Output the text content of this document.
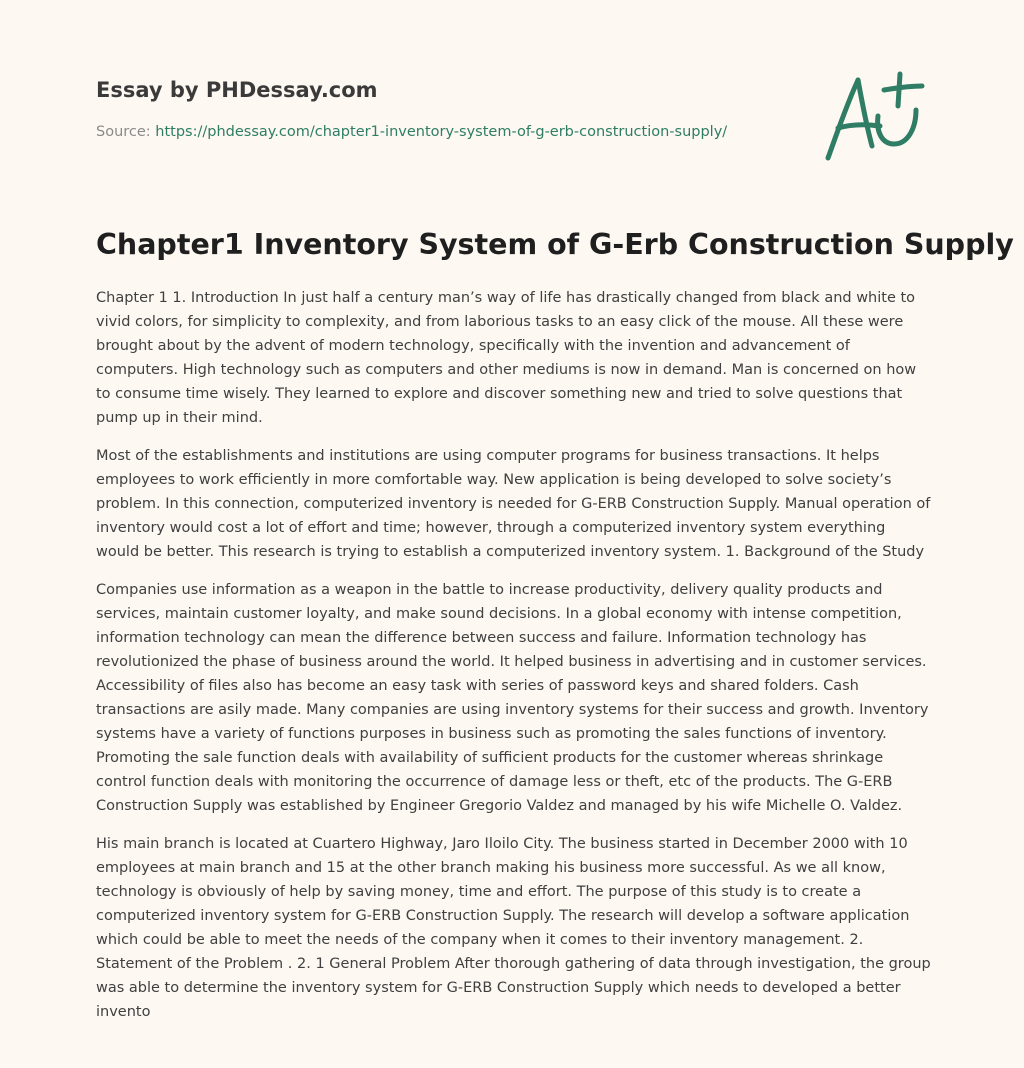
Essay by PHDessay.com
Source: https://phdessay.com/chapter1-inventory-system-of-g-erb-construction-supply/
Chapter1 Inventory System of G-Erb Construction Supply

Chapter 1 1. Introduction In just half a century man’s way of life has drastically changed from black and white to vivid colors, for simplicity to complexity, and from laborious tasks to an easy click of the mouse. All these were brought about by the advent of modern technology, specifically with the invention and advancement of computers. High technology such as computers and other mediums is now in demand. Man is concerned on how to consume time wisely. They learned to explore and discover something new and tried to solve questions that pump up in their mind.

Most of the establishments and institutions are using computer programs for business transactions. It helps employees to work efficiently in more comfortable way. New application is being developed to solve society’s problem. In this connection, computerized inventory is needed for G-ERB Construction Supply. Manual operation of inventory would cost a lot of effort and time; however, through a computerized inventory system everything would be better. This research is trying to establish a computerized inventory system. 1. Background of the Study

Companies use information as a weapon in the battle to increase productivity, delivery quality products and services, maintain customer loyalty, and make sound decisions. In a global economy with intense competition, information technology can mean the difference between success and failure. Information technology has revolutionized the phase of business around the world. It helped business in advertising and in customer services. Accessibility of files also has become an easy task with series of password keys and shared folders. Cash transactions are asily made. Many companies are using inventory systems for their success and growth. Inventory systems have a variety of functions purposes in business such as promoting the sales functions of inventory. Promoting the sale function deals with availability of sufficient products for the customer whereas shrinkage control function deals with monitoring the occurrence of damage less or theft, etc of the products. The G-ERB Construction Supply was established by Engineer Gregorio Valdez and managed by his wife Michelle O. Valdez.

His main branch is located at Cuartero Highway, Jaro Iloilo City. The business started in December 2000 with 10 employees at main branch and 15 at the other branch making his business more successful. As we all know, technology is obviously of help by saving money, time and effort. The purpose of this study is to create a computerized inventory system for G-ERB Construction Supply. The research will develop a software application which could be able to meet the needs of the company when it comes to their inventory management. 2. Statement of the Problem . 2. 1 General Problem After thorough gathering of data through investigation, the group was able to determine the inventory system for G-ERB Construction Supply which needs to developed a better invento
